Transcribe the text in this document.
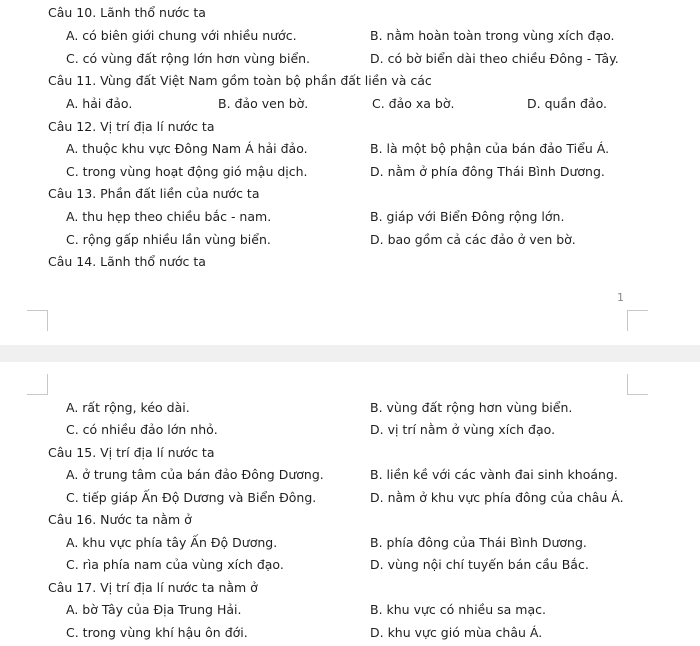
Câu 10. Lãnh thổ nước ta
A. có biên giới chung với nhiều nước.	B. nằm hoàn toàn trong vùng xích đạo.
C. có vùng đất rộng lớn hơn vùng biển.	D. có bờ biển dài theo chiều Đông - Tây.
Câu 11. Vùng đất Việt Nam gồm toàn bộ phần đất liền và các
A. hải đảo.	B. đảo ven bờ.	C. đảo xa bờ.	D. quần đảo.
Câu 12. Vị trí địa lí nước ta
A. thuộc khu vực Đông Nam Á hải đảo.	B. là một bộ phận của bán đảo Tiểu Á.
C. trong vùng hoạt động gió mậu dịch.	D. nằm ở phía đông Thái Bình Dương.
Câu 13. Phần đất liền của nước ta
A. thu hẹp theo chiều bắc - nam.	B. giáp với Biển Đông rộng lớn.
C. rộng gấp nhiều lần vùng biển.	D. bao gồm cả các đảo ở ven bờ.
Câu 14. Lãnh thổ nước ta
1
A. rất rộng, kéo dài.	B. vùng đất rộng hơn vùng biển.
C. có nhiều đảo lớn nhỏ.	D. vị trí nằm ở vùng xích đạo.
Câu 15. Vị trí địa lí nước ta
A. ở trung tâm của bán đảo Đông Dương.	B. liền kề với các vành đai sinh khoáng.
C. tiếp giáp Ấn Độ Dương và Biển Đông.	D. nằm ở khu vực phía đông của châu Á.
Câu 16. Nước ta nằm ở
A. khu vực phía tây Ấn Độ Dương.	B. phía đông của Thái Bình Dương.
C. rìa phía nam của vùng xích đạo.	D. vùng nội chí tuyến bán cầu Bắc.
Câu 17. Vị trí địa lí nước ta nằm ở
A. bờ Tây của Địa Trung Hải.	B. khu vực có nhiều sa mạc.
C. trong vùng khí hậu ôn đới.	D. khu vực gió mùa châu Á.
